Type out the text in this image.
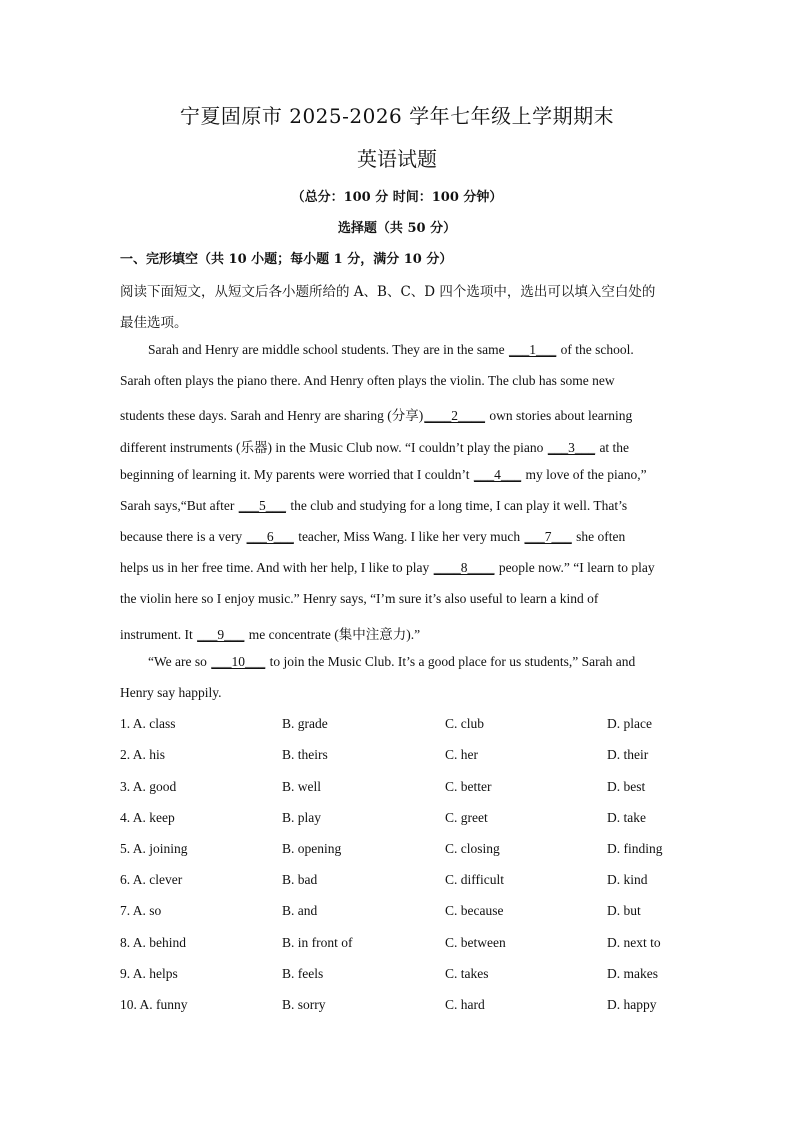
宁夏固原市 2025-2026 学年七年级上学期期末
英语试题
（总分：100 分 时间：100 分钟）
选择题（共 50 分）
一、完形填空（共 10 小题；每小题 1 分，满分 10 分）
阅读下面短文，从短文后各小题所给的 A、B、C、D 四个选项中，选出可以填入空白处的
最佳选项。
Sarah and Henry are middle school students. They are in the same ___1___ of the school.
Sarah often plays the piano there. And Henry often plays the violin. The club has some new
students these days. Sarah and Henry are sharing (分享)____2____ own stories about learning
different instruments (乐器) in the Music Club now. “I couldn’t play the piano ___3___ at the
beginning of learning it. My parents were worried that I couldn’t ___4___ my love of the piano,”
Sarah says,“But after ___5___ the club and studying for a long time, I can play it well. That’s
because there is a very ___6___ teacher, Miss Wang. I like her very much ___7___ she often
helps us in her free time. And with her help, I like to play ____8____ people now.” “I learn to play
the violin here so I enjoy music.” Henry says, “I’m sure it’s also useful to learn a kind of
instrument. It ___9___ me concentrate (集中注意力).”
“We are so ___10___ to join the Music Club. It’s a good place for us students,” Sarah and
Henry say happily.
1. A. class	B. grade	C. club	D. place
2. A. his	B. theirs	C. her	D. their
3. A. good	B. well	C. better	D. best
4. A. keep	B. play	C. greet	D. take
5. A. joining	B. opening	C. closing	D. finding
6. A. clever	B. bad	C. difficult	D. kind
7. A. so	B. and	C. because	D. but
8. A. behind	B. in front of	C. between	D. next to
9. A. helps	B. feels	C. takes	D. makes
10. A. funny	B. sorry	C. hard	D. happy
